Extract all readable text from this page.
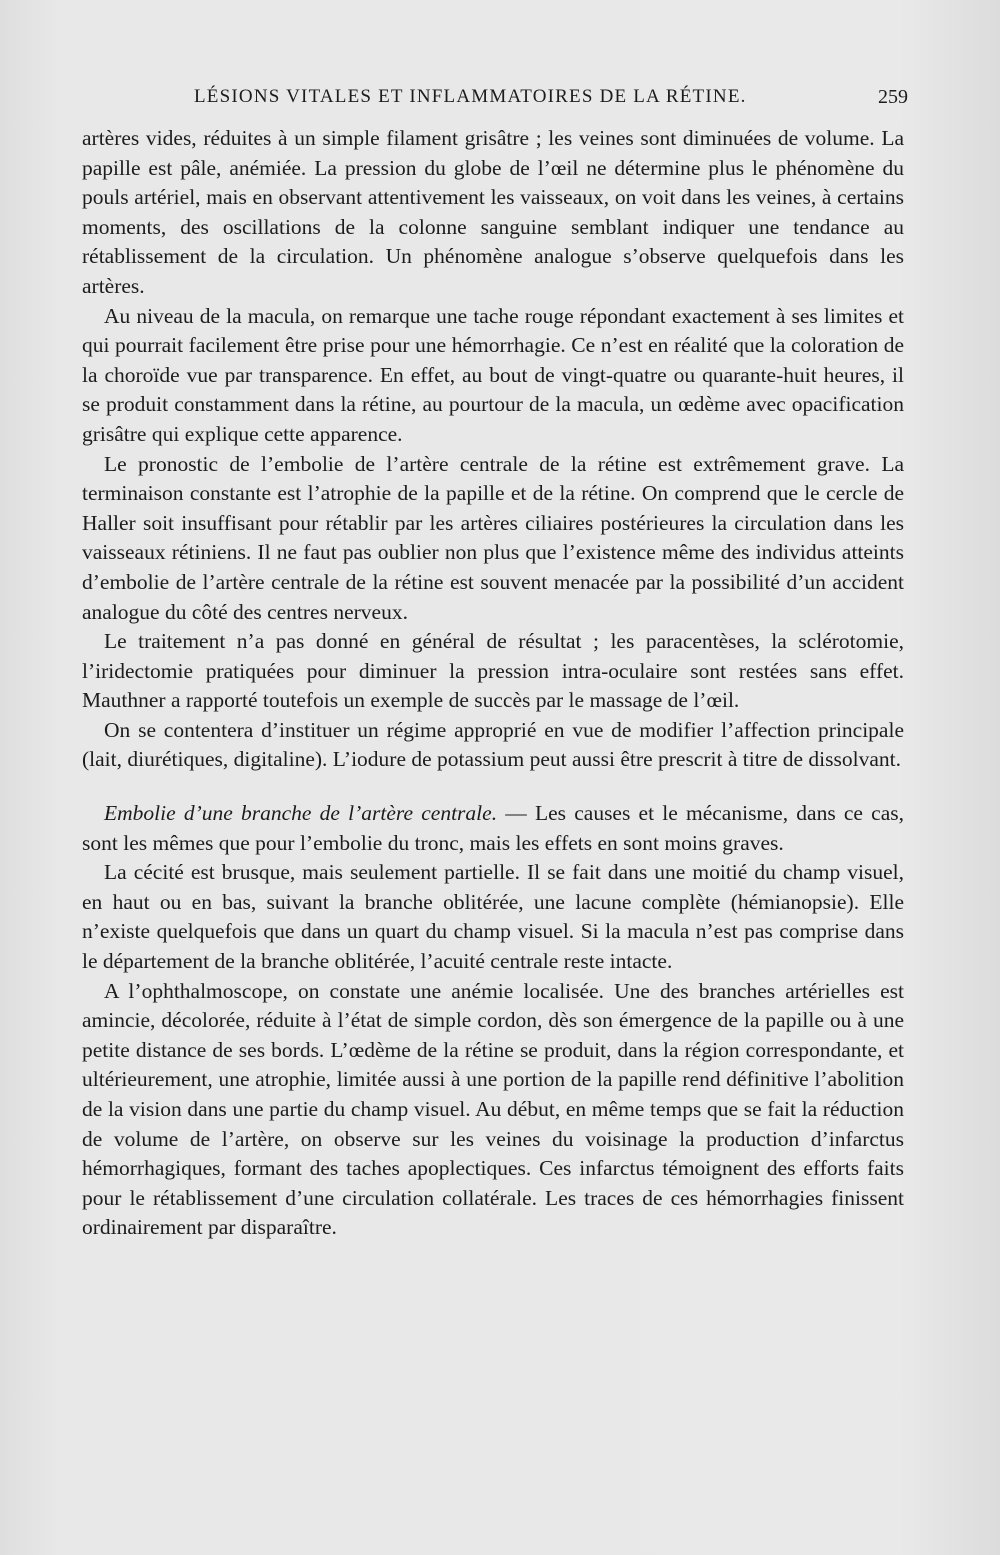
LÉSIONS VITALES ET INFLAMMATOIRES DE LA RÉTINE.	259

artères vides, réduites à un simple filament grisâtre ; les veines sont diminuées de volume. La papille est pâle, anémiée. La pression du globe de l’œil ne détermine plus le phénomène du pouls artériel, mais en observant attentivement les vaisseaux, on voit dans les veines, à certains moments, des oscillations de la colonne sanguine semblant indiquer une tendance au rétablissement de la circulation. Un phénomène analogue s’observe quelquefois dans les artères.

Au niveau de la macula, on remarque une tache rouge répondant exactement à ses limites et qui pourrait facilement être prise pour une hémorrhagie. Ce n’est en réalité que la coloration de la choroïde vue par transparence. En effet, au bout de vingt-quatre ou quarante-huit heures, il se produit constamment dans la rétine, au pourtour de la macula, un œdème avec opacification grisâtre qui explique cette apparence.

Le pronostic de l’embolie de l’artère centrale de la rétine est extrêmement grave. La terminaison constante est l’atrophie de la papille et de la rétine. On comprend que le cercle de Haller soit insuffisant pour rétablir par les artères ciliaires postérieures la circulation dans les vaisseaux rétiniens. Il ne faut pas oublier non plus que l’existence même des individus atteints d’embolie de l’artère centrale de la rétine est souvent menacée par la possibilité d’un accident analogue du côté des centres nerveux.

Le traitement n’a pas donné en général de résultat ; les paracentèses, la sclérotomie, l’iridectomie pratiquées pour diminuer la pression intra-oculaire sont restées sans effet. Mauthner a rapporté toutefois un exemple de succès par le massage de l’œil.

On se contentera d’instituer un régime approprié en vue de modifier l’affection principale (lait, diurétiques, digitaline). L’iodure de potassium peut aussi être prescrit à titre de dissolvant.

Embolie d’une branche de l’artère centrale. — Les causes et le mécanisme, dans ce cas, sont les mêmes que pour l’embolie du tronc, mais les effets en sont moins graves.

La cécité est brusque, mais seulement partielle. Il se fait dans une moitié du champ visuel, en haut ou en bas, suivant la branche oblitérée, une lacune complète (hémianopsie). Elle n’existe quelquefois que dans un quart du champ visuel. Si la macula n’est pas comprise dans le département de la branche oblitérée, l’acuité centrale reste intacte.

A l’ophthalmoscope, on constate une anémie localisée. Une des branches artérielles est amincie, décolorée, réduite à l’état de simple cordon, dès son émergence de la papille ou à une petite distance de ses bords. L’œdème de la rétine se produit, dans la région correspondante, et ultérieurement, une atrophie, limitée aussi à une portion de la papille rend définitive l’abolition de la vision dans une partie du champ visuel. Au début, en même temps que se fait la réduction de volume de l’artère, on observe sur les veines du voisinage la production d’infarctus hémorrhagiques, formant des taches apoplectiques. Ces infarctus témoignent des efforts faits pour le rétablissement d’une circulation collatérale. Les traces de ces hémorrhagies finissent ordinairement par disparaître.
